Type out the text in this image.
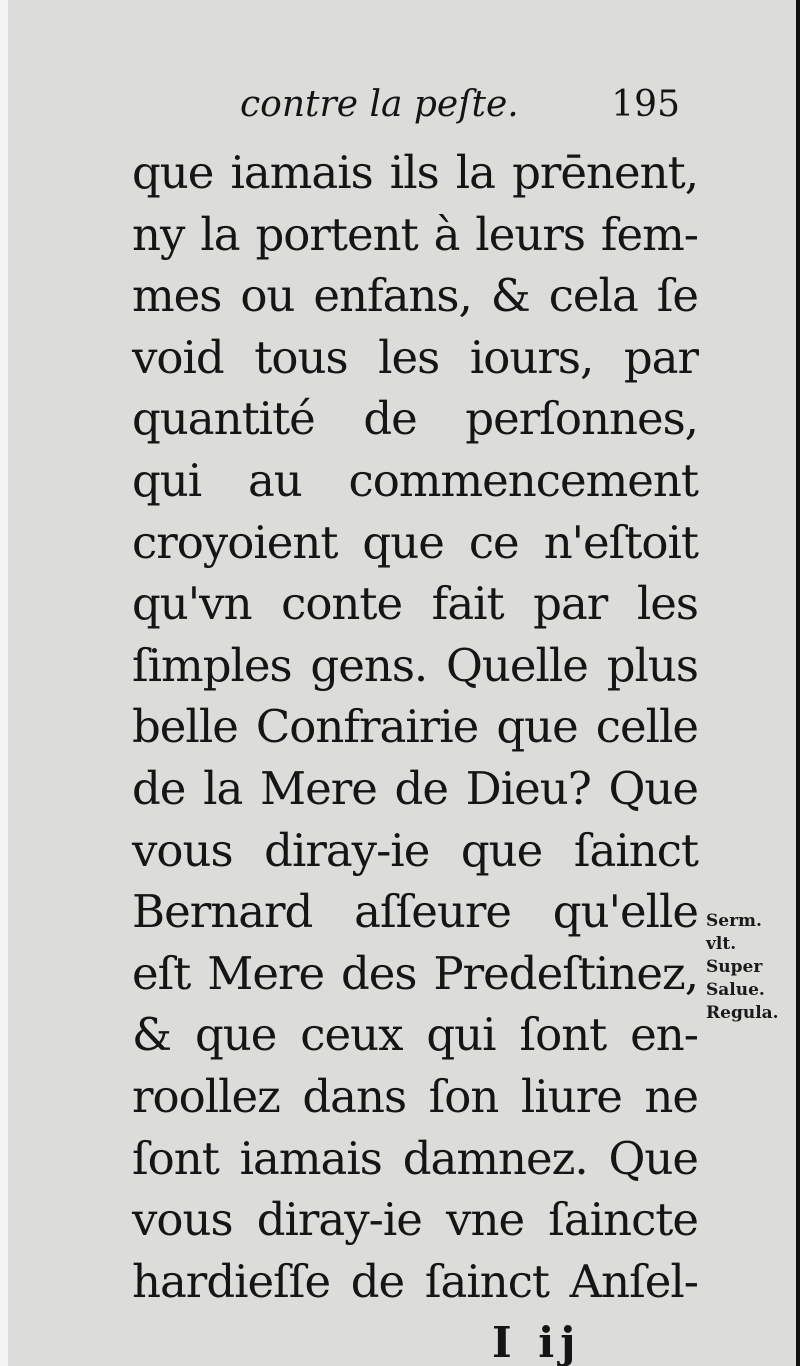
contre la peſte.	195
que iamais ils la prēnent,
ny la portent à leurs fem-
mes ou enfans, & cela ſe
void tous les iours, par
quantité de perſonnes,
qui au commencement
croyoient que ce n'eſtoit
qu'vn conte fait par les
ſimples gens. Quelle plus
belle Confrairie que celle
de la Mere de Dieu? Que
vous diray-ie que ſainct
Bernard aſſeure qu'elle
eſt Mere des Predeſtinez,
& que ceux qui ſont en-
roollez dans ſon liure ne
ſont iamais damnez. Que
vous diray-ie vne ſaincte
hardieſſe de ſainct Anſel-
Serm.
vlt.
Super
Salue.
Regula.
I ij
